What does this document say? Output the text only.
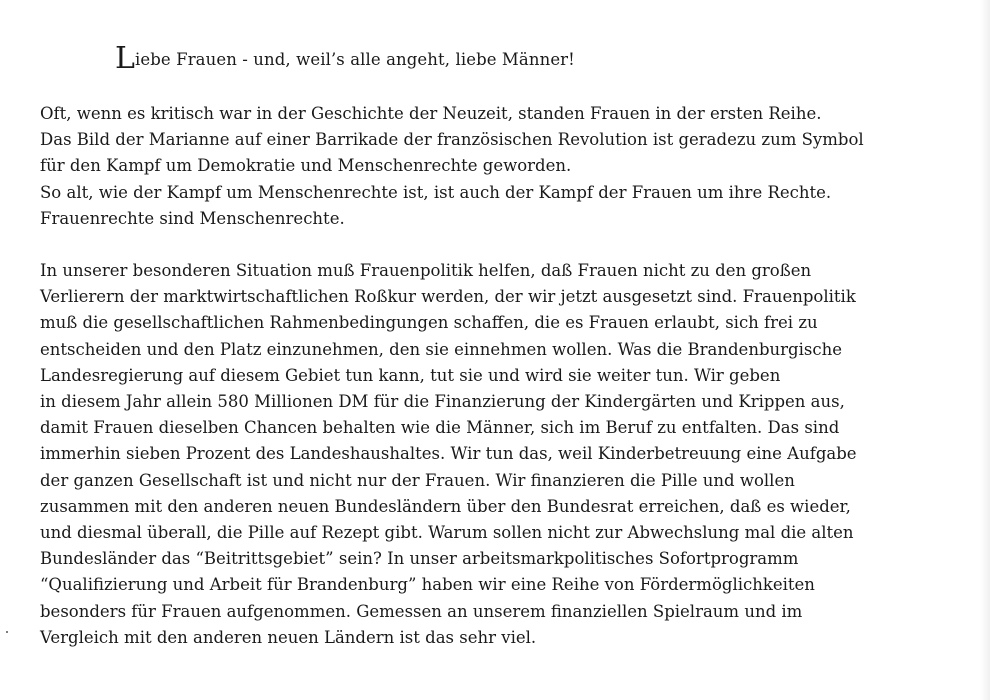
Liebe Frauen - und, weil’s alle angeht, liebe Männer!
Oft, wenn es kritisch war in der Geschichte der Neuzeit, standen Frauen in der ersten Reihe.
Das Bild der Marianne auf einer Barrikade der französischen Revolution ist geradezu zum Symbol
für den Kampf um Demokratie und Menschenrechte geworden.
So alt, wie der Kampf um Menschenrechte ist, ist auch der Kampf der Frauen um ihre Rechte.
Frauenrechte sind Menschenrechte.
In unserer besonderen Situation muß Frauenpolitik helfen, daß Frauen nicht zu den großen
Verlierern der marktwirtschaftlichen Roßkur werden, der wir jetzt ausgesetzt sind. Frauenpolitik
muß die gesellschaftlichen Rahmenbedingungen schaffen, die es Frauen erlaubt, sich frei zu
entscheiden und den Platz einzunehmen, den sie einnehmen wollen. Was die Brandenburgische
Landesregierung auf diesem Gebiet tun kann, tut sie und wird sie weiter tun. Wir geben
in diesem Jahr allein 580 Millionen DM für die Finanzierung der Kindergärten und Krippen aus,
damit Frauen dieselben Chancen behalten wie die Männer, sich im Beruf zu entfalten. Das sind
immerhin sieben Prozent des Landeshaushaltes. Wir tun das, weil Kinderbetreuung eine Aufgabe
der ganzen Gesellschaft ist und nicht nur der Frauen. Wir finanzieren die Pille und wollen
zusammen mit den anderen neuen Bundesländern über den Bundesrat erreichen, daß es wieder,
und diesmal überall, die Pille auf Rezept gibt. Warum sollen nicht zur Abwechslung mal die alten
Bundesländer das “Beitrittsgebiet” sein? In unser arbeitsmarkpolitisches Sofortprogramm
“Qualifizierung und Arbeit für Brandenburg” haben wir eine Reihe von Fördermöglichkeiten
besonders für Frauen aufgenommen. Gemessen an unserem finanziellen Spielraum und im
Vergleich mit den anderen neuen Ländern ist das sehr viel.
